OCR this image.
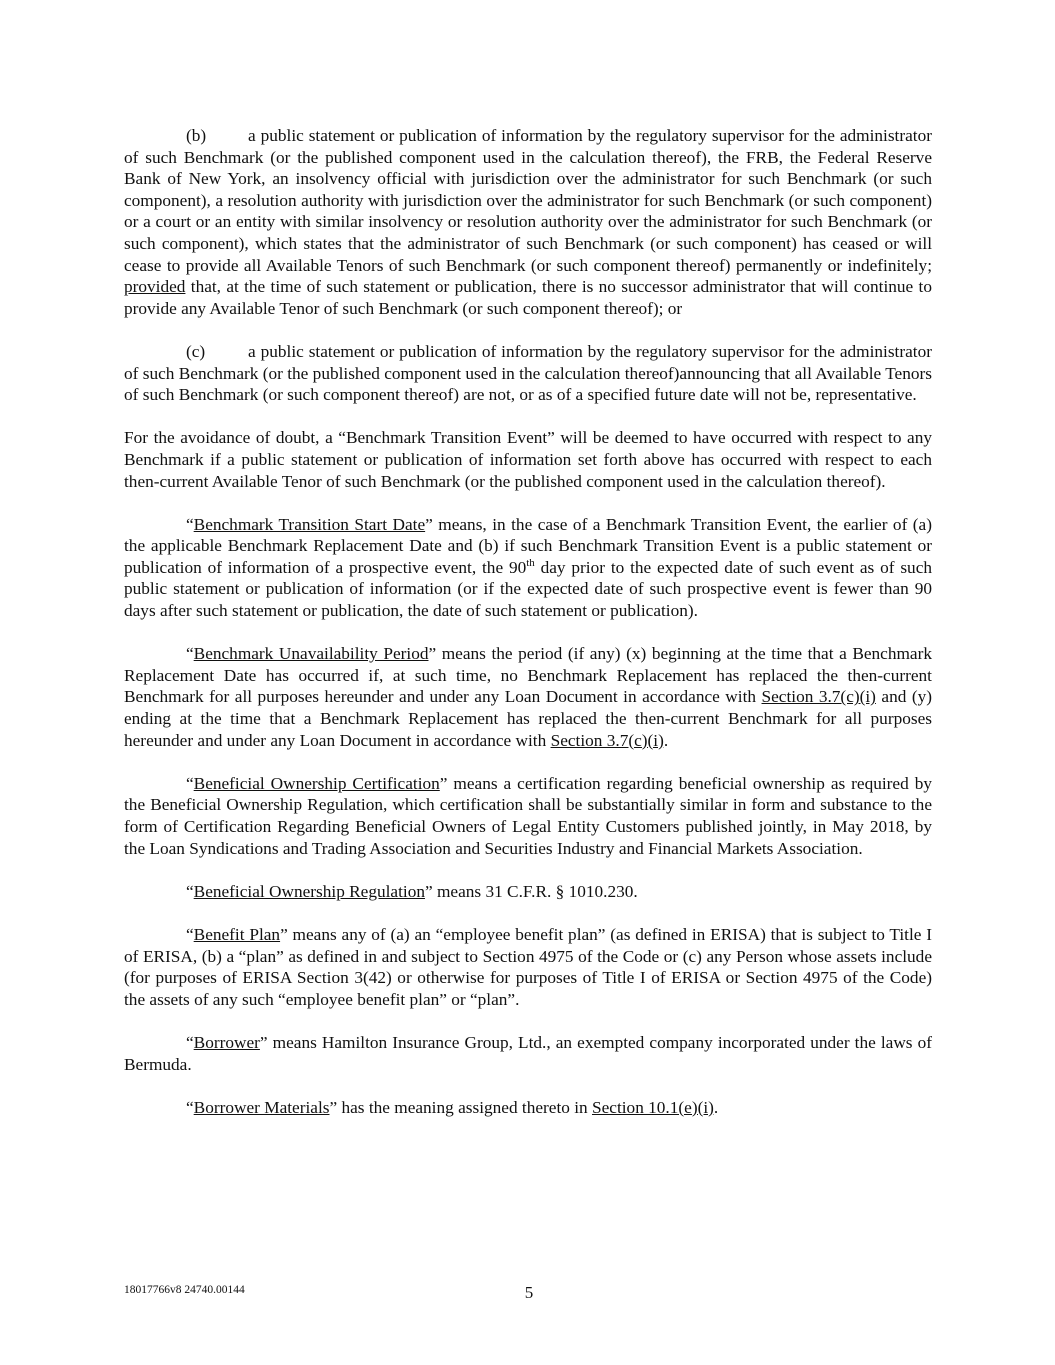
(b) a public statement or publication of information by the regulatory supervisor for the administrator of such Benchmark (or the published component used in the calculation thereof), the FRB, the Federal Reserve Bank of New York, an insolvency official with jurisdiction over the administrator for such Benchmark (or such component), a resolution authority with jurisdiction over the administrator for such Benchmark (or such component) or a court or an entity with similar insolvency or resolution authority over the administrator for such Benchmark (or such component), which states that the administrator of such Benchmark (or such component) has ceased or will cease to provide all Available Tenors of such Benchmark (or such component thereof) permanently or indefinitely; provided that, at the time of such statement or publication, there is no successor administrator that will continue to provide any Available Tenor of such Benchmark (or such component thereof); or

(c) a public statement or publication of information by the regulatory supervisor for the administrator of such Benchmark (or the published component used in the calculation thereof)announcing that all Available Tenors of such Benchmark (or such component thereof) are not, or as of a specified future date will not be, representative.

For the avoidance of doubt, a “Benchmark Transition Event” will be deemed to have occurred with respect to any Benchmark if a public statement or publication of information set forth above has occurred with respect to each then-current Available Tenor of such Benchmark (or the published component used in the calculation thereof).

“Benchmark Transition Start Date” means, in the case of a Benchmark Transition Event, the earlier of (a) the applicable Benchmark Replacement Date and (b) if such Benchmark Transition Event is a public statement or publication of information of a prospective event, the 90th day prior to the expected date of such event as of such public statement or publication of information (or if the expected date of such prospective event is fewer than 90 days after such statement or publication, the date of such statement or publication).

“Benchmark Unavailability Period” means the period (if any) (x) beginning at the time that a Benchmark Replacement Date has occurred if, at such time, no Benchmark Replacement has replaced the then-current Benchmark for all purposes hereunder and under any Loan Document in accordance with Section 3.7(c)(i) and (y) ending at the time that a Benchmark Replacement has replaced the then-current Benchmark for all purposes hereunder and under any Loan Document in accordance with Section 3.7(c)(i).

“Beneficial Ownership Certification” means a certification regarding beneficial ownership as required by the Beneficial Ownership Regulation, which certification shall be substantially similar in form and substance to the form of Certification Regarding Beneficial Owners of Legal Entity Customers published jointly, in May 2018, by the Loan Syndications and Trading Association and Securities Industry and Financial Markets Association.

“Beneficial Ownership Regulation” means 31 C.F.R. § 1010.230.

“Benefit Plan” means any of (a) an “employee benefit plan” (as defined in ERISA) that is subject to Title I of ERISA, (b) a “plan” as defined in and subject to Section 4975 of the Code or (c) any Person whose assets include (for purposes of ERISA Section 3(42) or otherwise for purposes of Title I of ERISA or Section 4975 of the Code) the assets of any such “employee benefit plan” or “plan”.

“Borrower” means Hamilton Insurance Group, Ltd., an exempted company incorporated under the laws of Bermuda.

“Borrower Materials” has the meaning assigned thereto in Section 10.1(e)(i).

18017766v8 24740.00144	5
